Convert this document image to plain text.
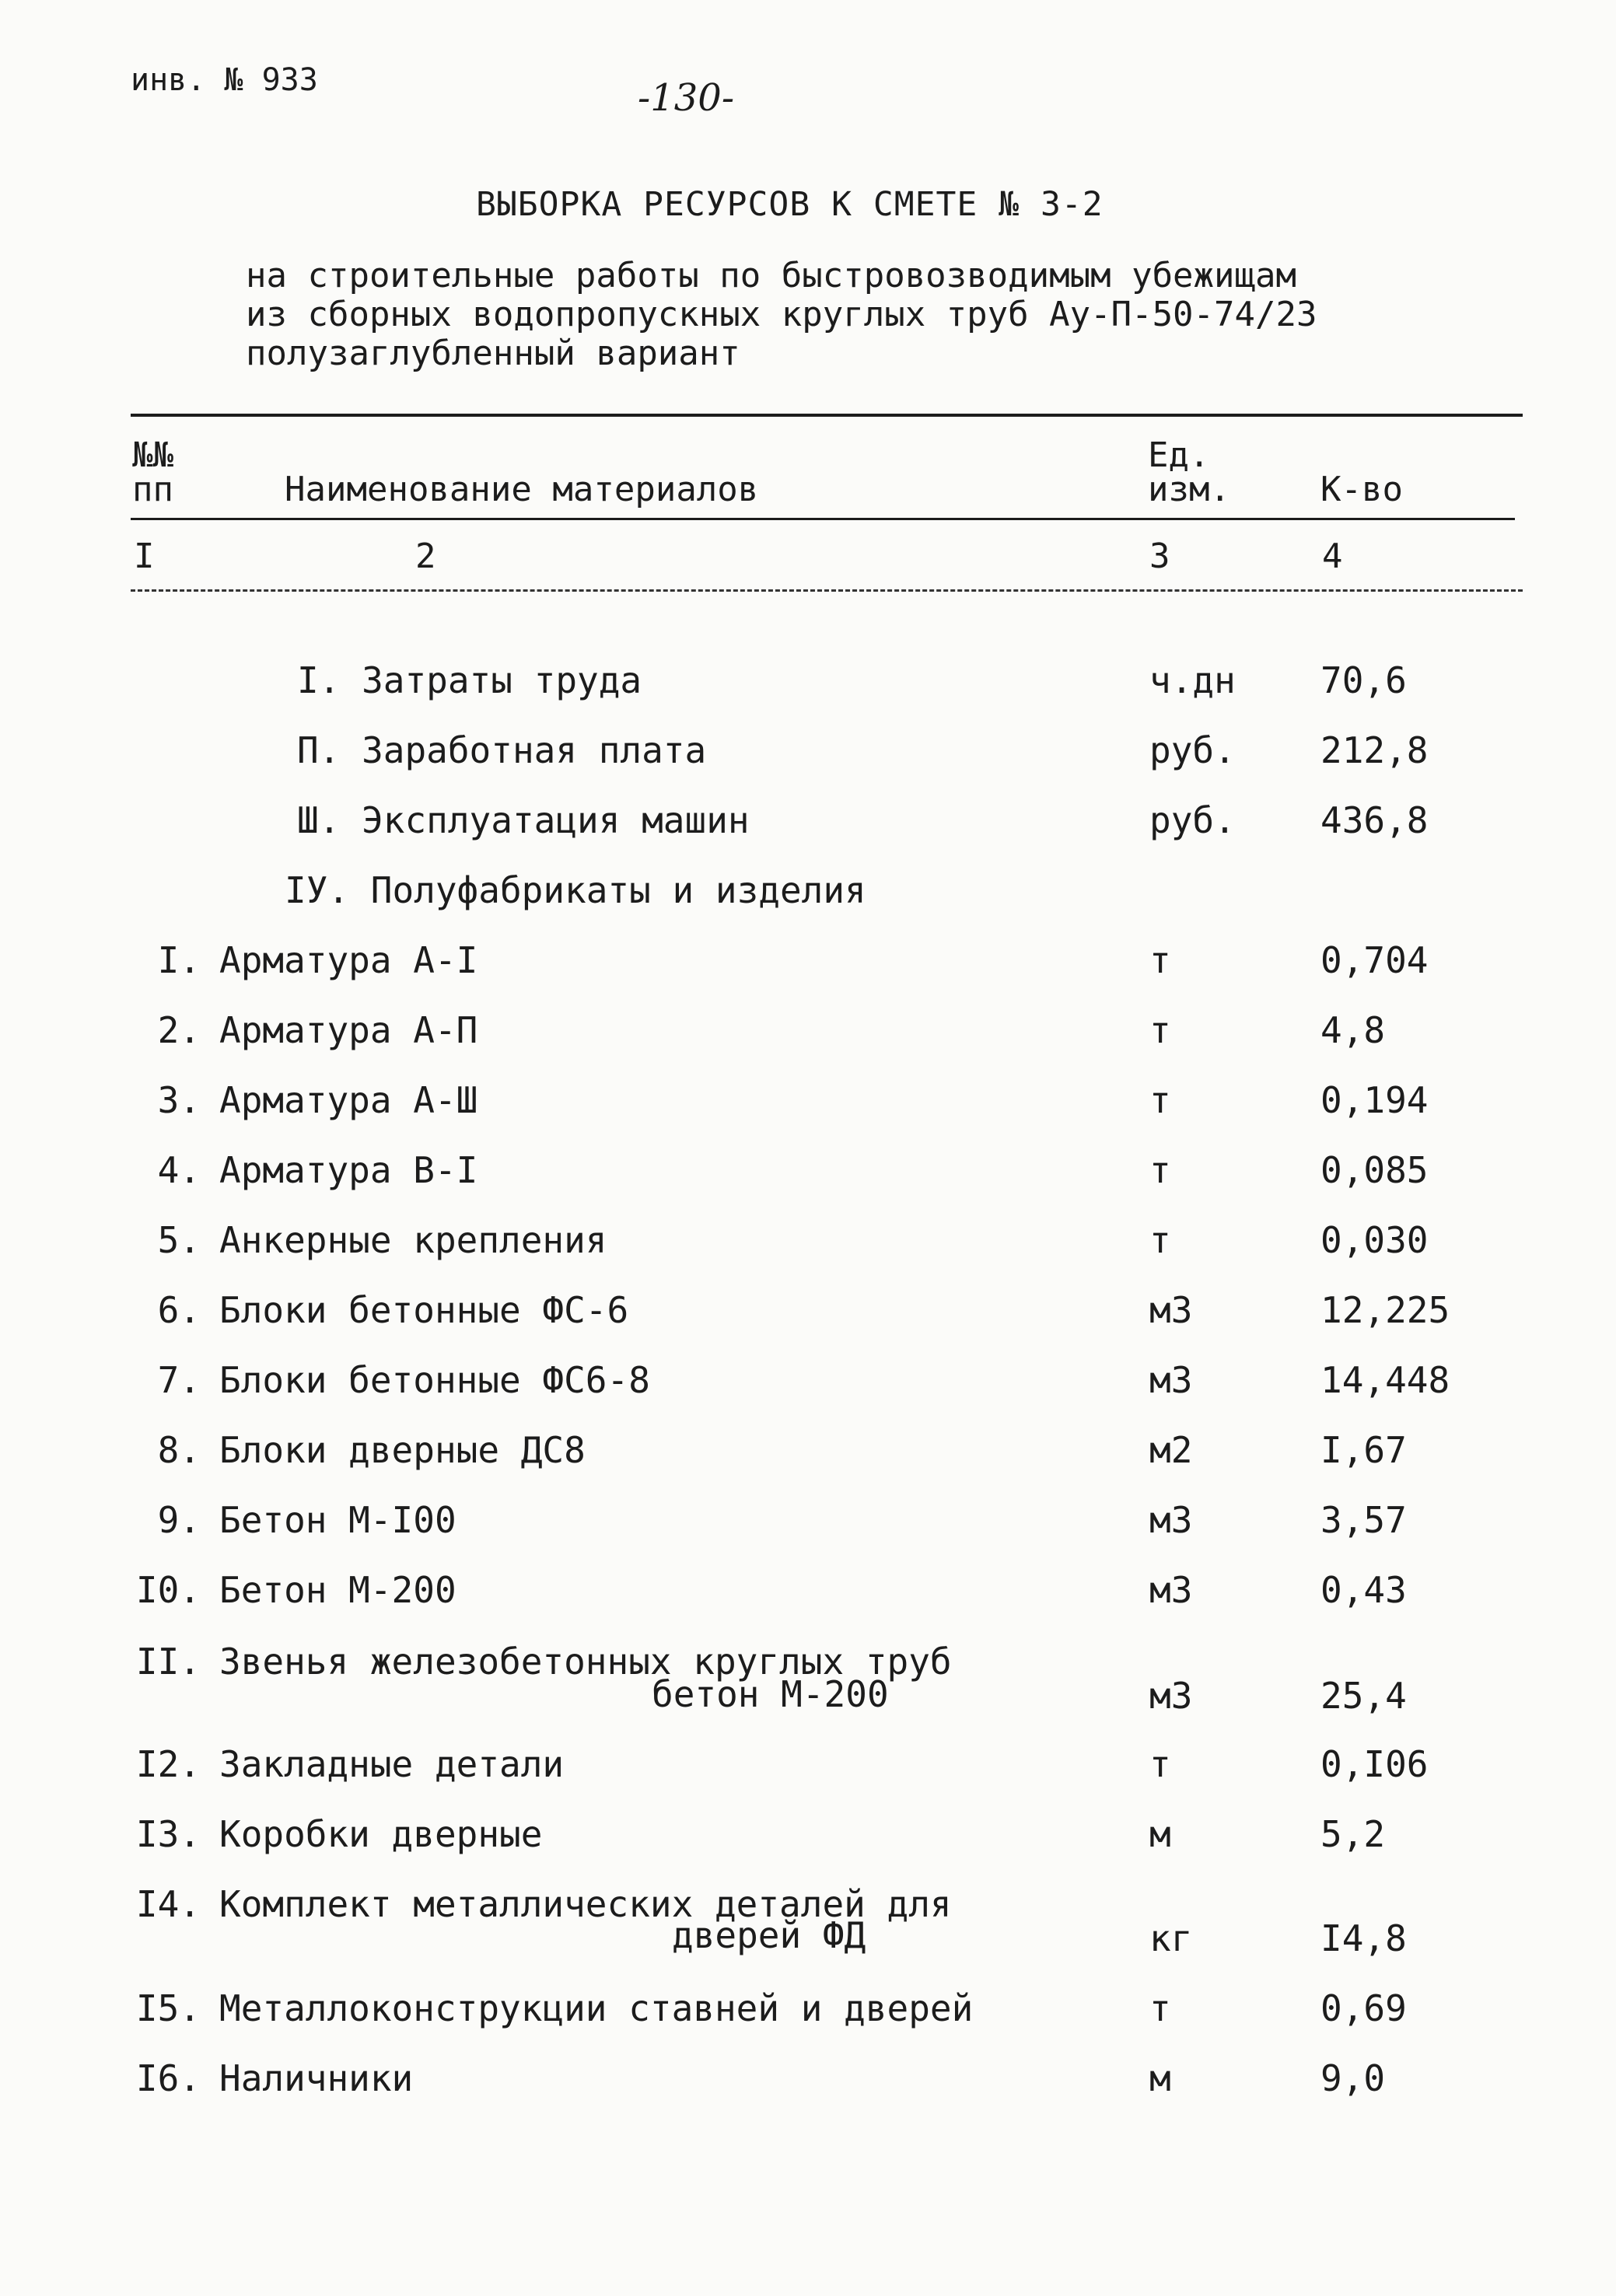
инв. № 933	-130-
ВЫБОРКА РЕСУРСОВ К СМЕТЕ № 3-2
на строительные работы по быстровозводимым убежищам
из сборных водопропускных круглых труб Ау-П-50-74/23
полузаглубленный вариант
№№
пп	Наименование материалов
Ед.
изм.	К-во
I	2	3	4
I. Затраты труда	ч.дн 70,6
П. Заработная плата	руб. 212,8
Ш. Эксплуатация машин	руб. 436,8
IУ. Полуфабрикаты и изделия
I. Арматура А-I	т	0,704
2. Арматура А-П	т	4,8
3. Арматура А-Ш	т	0,194
4. Арматура В-I	т	0,085
5. Анкерные крепления	т	0,030
6. Блоки бетонные ФС-6	м3	12,225
7. Блоки бетонные ФС6-8	м3	14,448
8. Блоки дверные ДС8	м2	I,67
9. Бетон М-I00	м3	3,57
I0. Бетон М-200	м3	0,43
II. Звенья железобетонных круглых труб
бетон М-200	м3	25,4
I2. Закладные детали	т	0,I06
I3. Коробки дверные	м	5,2
I4. Комплект металлических деталей для
дверей ФД	кг	I4,8
I5. Металлоконструкции ставней и дверей	т	0,69
I6. Наличники	м	9,0
